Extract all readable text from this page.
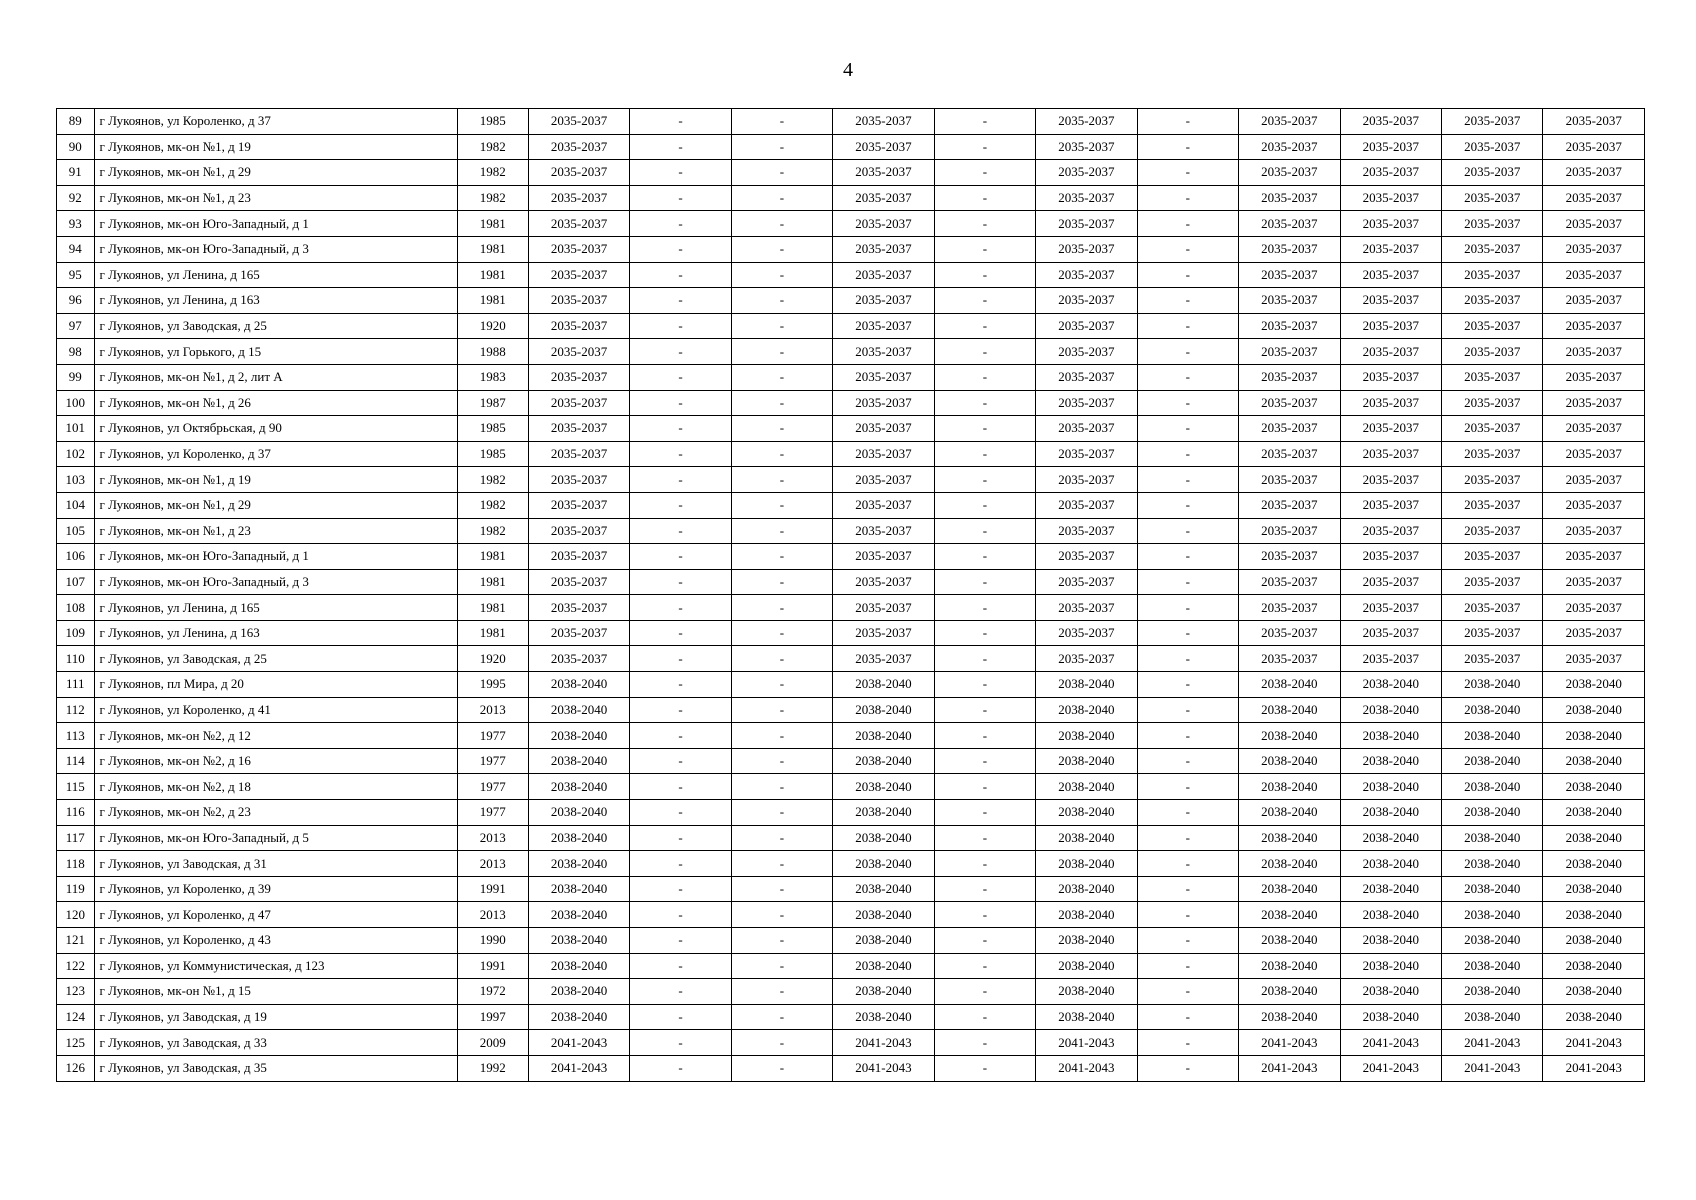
4
89	г Лукоянов, ул Короленко, д 37	1985	2035-2037	-	-	2035-2037	-	2035-2037	-	2035-2037	2035-2037	2035-2037	2035-2037
90	г Лукоянов, мк-он №1, д 19	1982	2035-2037	-	-	2035-2037	-	2035-2037	-	2035-2037	2035-2037	2035-2037	2035-2037
91	г Лукоянов, мк-он №1, д 29	1982	2035-2037	-	-	2035-2037	-	2035-2037	-	2035-2037	2035-2037	2035-2037	2035-2037
92	г Лукоянов, мк-он №1, д 23	1982	2035-2037	-	-	2035-2037	-	2035-2037	-	2035-2037	2035-2037	2035-2037	2035-2037
93	г Лукоянов, мк-он Юго-Западный, д 1	1981	2035-2037	-	-	2035-2037	-	2035-2037	-	2035-2037	2035-2037	2035-2037	2035-2037
94	г Лукоянов, мк-он Юго-Западный, д 3	1981	2035-2037	-	-	2035-2037	-	2035-2037	-	2035-2037	2035-2037	2035-2037	2035-2037
95	г Лукоянов, ул Ленина, д 165	1981	2035-2037	-	-	2035-2037	-	2035-2037	-	2035-2037	2035-2037	2035-2037	2035-2037
96	г Лукоянов, ул Ленина, д 163	1981	2035-2037	-	-	2035-2037	-	2035-2037	-	2035-2037	2035-2037	2035-2037	2035-2037
97	г Лукоянов, ул Заводская, д 25	1920	2035-2037	-	-	2035-2037	-	2035-2037	-	2035-2037	2035-2037	2035-2037	2035-2037
98	г Лукоянов, ул Горького, д 15	1988	2035-2037	-	-	2035-2037	-	2035-2037	-	2035-2037	2035-2037	2035-2037	2035-2037
99	г Лукоянов, мк-он №1, д 2, лит А	1983	2035-2037	-	-	2035-2037	-	2035-2037	-	2035-2037	2035-2037	2035-2037	2035-2037
100	г Лукоянов, мк-он №1, д 26	1987	2035-2037	-	-	2035-2037	-	2035-2037	-	2035-2037	2035-2037	2035-2037	2035-2037
101	г Лукоянов, ул Октябрьская, д 90	1985	2035-2037	-	-	2035-2037	-	2035-2037	-	2035-2037	2035-2037	2035-2037	2035-2037
102	г Лукоянов, ул Короленко, д 37	1985	2035-2037	-	-	2035-2037	-	2035-2037	-	2035-2037	2035-2037	2035-2037	2035-2037
103	г Лукоянов, мк-он №1, д 19	1982	2035-2037	-	-	2035-2037	-	2035-2037	-	2035-2037	2035-2037	2035-2037	2035-2037
104	г Лукоянов, мк-он №1, д 29	1982	2035-2037	-	-	2035-2037	-	2035-2037	-	2035-2037	2035-2037	2035-2037	2035-2037
105	г Лукоянов, мк-он №1, д 23	1982	2035-2037	-	-	2035-2037	-	2035-2037	-	2035-2037	2035-2037	2035-2037	2035-2037
106	г Лукоянов, мк-он Юго-Западный, д 1	1981	2035-2037	-	-	2035-2037	-	2035-2037	-	2035-2037	2035-2037	2035-2037	2035-2037
107	г Лукоянов, мк-он Юго-Западный, д 3	1981	2035-2037	-	-	2035-2037	-	2035-2037	-	2035-2037	2035-2037	2035-2037	2035-2037
108	г Лукоянов, ул Ленина, д 165	1981	2035-2037	-	-	2035-2037	-	2035-2037	-	2035-2037	2035-2037	2035-2037	2035-2037
109	г Лукоянов, ул Ленина, д 163	1981	2035-2037	-	-	2035-2037	-	2035-2037	-	2035-2037	2035-2037	2035-2037	2035-2037
110	г Лукоянов, ул Заводская, д 25	1920	2035-2037	-	-	2035-2037	-	2035-2037	-	2035-2037	2035-2037	2035-2037	2035-2037
111	г Лукоянов, пл Мира, д 20	1995	2038-2040	-	-	2038-2040	-	2038-2040	-	2038-2040	2038-2040	2038-2040	2038-2040
112	г Лукоянов, ул Короленко, д 41	2013	2038-2040	-	-	2038-2040	-	2038-2040	-	2038-2040	2038-2040	2038-2040	2038-2040
113	г Лукоянов, мк-он №2, д 12	1977	2038-2040	-	-	2038-2040	-	2038-2040	-	2038-2040	2038-2040	2038-2040	2038-2040
114	г Лукоянов, мк-он №2, д 16	1977	2038-2040	-	-	2038-2040	-	2038-2040	-	2038-2040	2038-2040	2038-2040	2038-2040
115	г Лукоянов, мк-он №2, д 18	1977	2038-2040	-	-	2038-2040	-	2038-2040	-	2038-2040	2038-2040	2038-2040	2038-2040
116	г Лукоянов, мк-он №2, д 23	1977	2038-2040	-	-	2038-2040	-	2038-2040	-	2038-2040	2038-2040	2038-2040	2038-2040
117	г Лукоянов, мк-он Юго-Западный, д 5	2013	2038-2040	-	-	2038-2040	-	2038-2040	-	2038-2040	2038-2040	2038-2040	2038-2040
118	г Лукоянов, ул Заводская, д 31	2013	2038-2040	-	-	2038-2040	-	2038-2040	-	2038-2040	2038-2040	2038-2040	2038-2040
119	г Лукоянов, ул Короленко, д 39	1991	2038-2040	-	-	2038-2040	-	2038-2040	-	2038-2040	2038-2040	2038-2040	2038-2040
120	г Лукоянов, ул Короленко, д 47	2013	2038-2040	-	-	2038-2040	-	2038-2040	-	2038-2040	2038-2040	2038-2040	2038-2040
121	г Лукоянов, ул Короленко, д 43	1990	2038-2040	-	-	2038-2040	-	2038-2040	-	2038-2040	2038-2040	2038-2040	2038-2040
122	г Лукоянов, ул Коммунистическая, д 123	1991	2038-2040	-	-	2038-2040	-	2038-2040	-	2038-2040	2038-2040	2038-2040	2038-2040
123	г Лукоянов, мк-он №1, д 15	1972	2038-2040	-	-	2038-2040	-	2038-2040	-	2038-2040	2038-2040	2038-2040	2038-2040
124	г Лукоянов, ул Заводская, д 19	1997	2038-2040	-	-	2038-2040	-	2038-2040	-	2038-2040	2038-2040	2038-2040	2038-2040
125	г Лукоянов, ул Заводская, д 33	2009	2041-2043	-	-	2041-2043	-	2041-2043	-	2041-2043	2041-2043	2041-2043	2041-2043
126	г Лукоянов, ул Заводская, д 35	1992	2041-2043	-	-	2041-2043	-	2041-2043	-	2041-2043	2041-2043	2041-2043	2041-2043
